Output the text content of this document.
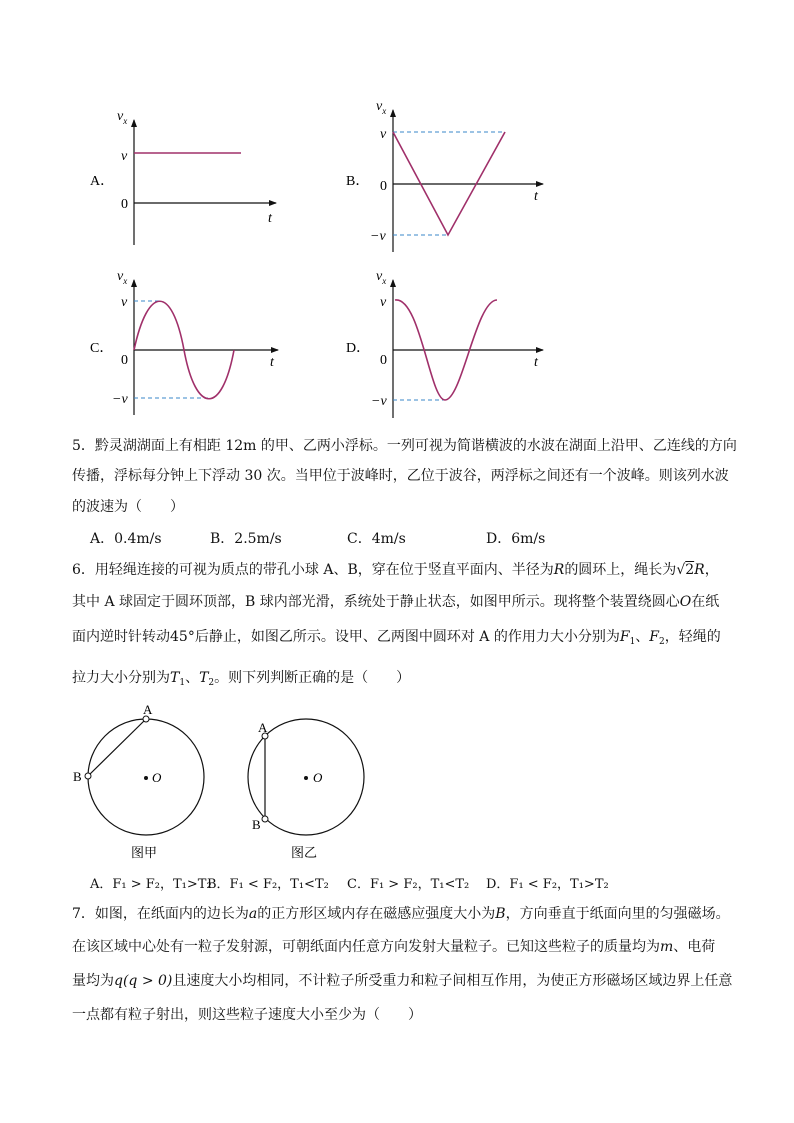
A．
$v_x$
t
v
0
B．
$v_x$
t
v
0
−v
C．
$v_x$
t
v
0
−v
D．
$v_x$
t
v
0
−v
5．黔灵湖湖面上有相距 12m 的甲、乙两小浮标。一列可视为简谐横波的水波在湖面上沿甲、乙连线的方向
传播，浮标每分钟上下浮动 30 次。当甲位于波峰时，乙位于波谷，两浮标之间还有一个波峰。则该列水波
的波速为（　　）
A．0.4m/s	B．2.5m/s	C．4m/s	D．6m/s
6．用轻绳连接的可视为质点的带孔小球 A、B，穿在位于竖直平面内、半径为R的圆环上，绳长为√2R，
其中 A 球固定于圆环顶部，B 球内部光滑，系统处于静止状态，如图甲所示。现将整个装置绕圆心O在纸
面内逆时针转动45°后静止，如图乙所示。设甲、乙两图中圆环对 A 的作用力大小分别为$F_1$、$F_2$，轻绳的
拉力大小分别为$T_1$、$T_2$。则下列判断正确的是（　　）
A
B	O
图甲
A
B
O
图乙
A．F₁ > F₂，T₁>T₂
B．F₁ < F₂，T₁<T₂ C．F₁ > F₂，T₁<T₂ D．F₁ < F₂，T₁>T₂
7．如图，在纸面内的边长为a的正方形区域内存在磁感应强度大小为B，方向垂直于纸面向里的匀强磁场。
在该区域中心处有一粒子发射源，可朝纸面内任意方向发射大量粒子。已知这些粒子的质量均为m、电荷
量均为q(q > 0)且速度大小均相同，不计粒子所受重力和粒子间相互作用，为使正方形磁场区域边界上任意
一点都有粒子射出，则这些粒子速度大小至少为（　　）
